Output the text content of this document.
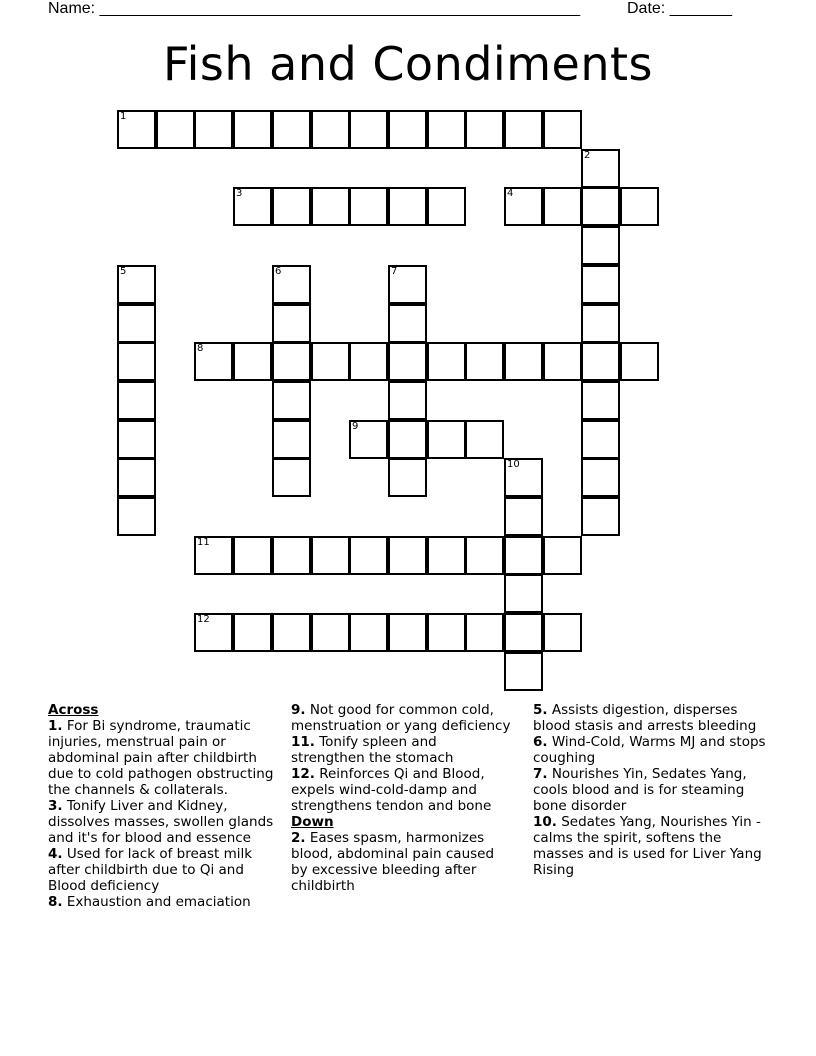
Name: ______________________________________________________	Date: _______
Fish and Condiments
1
2
3	4
5	6	7
8
9
10
11
12

Across

1. For Bi syndrome, traumatic injuries, menstrual pain or abdominal pain after childbirth due to cold pathogen obstructing the channels & collaterals.

3. Tonify Liver and Kidney, dissolves masses, swollen glands and it's for blood and essence

4. Used for lack of breast milk after childbirth due to Qi and Blood deficiency

8. Exhaustion and emaciation

9. Not good for common cold, menstruation or yang deficiency

11. Tonify spleen and strengthen the stomach

12. Reinforces Qi and Blood, expels wind-cold-damp and strengthens tendon and bone

Down

2. Eases spasm, harmonizes blood, abdominal pain caused by excessive bleeding after childbirth

5. Assists digestion, disperses blood stasis and arrests bleeding

6. Wind-Cold, Warms MJ and stops coughing

7. Nourishes Yin, Sedates Yang, cools blood and is for steaming bone disorder

10. Sedates Yang, Nourishes Yin - calms the spirit, softens the masses and is used for Liver Yang Rising
